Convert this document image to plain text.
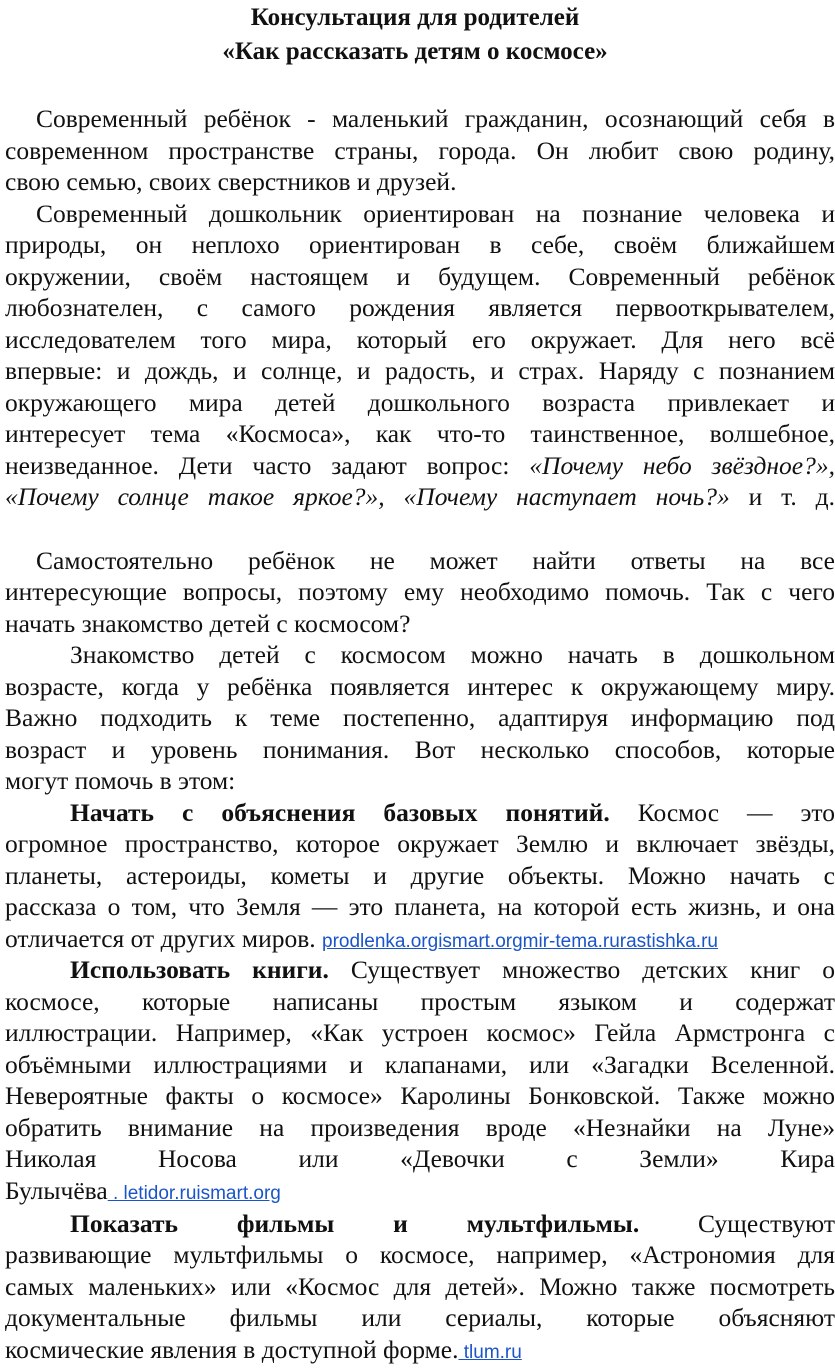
Консультация для родителей
«Как рассказать детям о космосе»
Современный ребёнок - маленький гражданин, осознающий себя в
современном пространстве страны, города. Он любит свою родину,
свою семью, своих сверстников и друзей.
Современный дошкольник ориентирован на познание человека и
природы, он неплохо ориентирован в себе, своём ближайшем
окружении, своём настоящем и будущем. Современный ребёнок
любознателен, с самого рождения является первооткрывателем,
исследователем того мира, который его окружает. Для него всё
впервые: и дождь, и солнце, и радость, и страх. Наряду с познанием
окружающего мира детей дошкольного возраста привлекает и
интересует тема «Космоса», как что-то таинственное, волшебное,
неизведанное. Дети часто задают вопрос: «Почему небо звёздное?»,
«Почему солнце такое яркое?», «Почему наступает ночь?» и т. д.
Самостоятельно ребёнок не может найти ответы на все
интересующие вопросы, поэтому ему необходимо помочь. Так с чего
начать знакомство детей с космосом?
Знакомство детей с космосом можно начать в дошкольном
возрасте, когда у ребёнка появляется интерес к окружающему миру.
Важно подходить к теме постепенно, адаптируя информацию под
возраст и уровень понимания. Вот несколько способов, которые
могут помочь в этом:
Начать с объяснения базовых понятий. Космос — это
огромное пространство, которое окружает Землю и включает звёзды,
планеты, астероиды, кометы и другие объекты. Можно начать с
рассказа о том, что Земля — это планета, на которой есть жизнь, и она
отличается от других миров. prodlenka.orgismart.orgmir-tema.rurastishka.ru
Использовать книги. Существует множество детских книг о
космосе, которые написаны простым языком и содержат
иллюстрации. Например, «Как устроен космос» Гейла Армстронга с
объёмными иллюстрациями и клапанами, или «Загадки Вселенной.
Невероятные факты о космосе» Каролины Бонковской. Также можно
обратить внимание на произведения вроде «Незнайки на Луне»
Николая Носова или «Девочки с Земли» Кира
Булычёва . letidor.ruismart.org
Показать фильмы и мультфильмы. Существуют
развивающие мультфильмы о космосе, например, «Астрономия для
самых маленьких» или «Космос для детей». Можно также посмотреть
документальные фильмы или сериалы, которые объясняют
космические явления в доступной форме. tlum.ru
